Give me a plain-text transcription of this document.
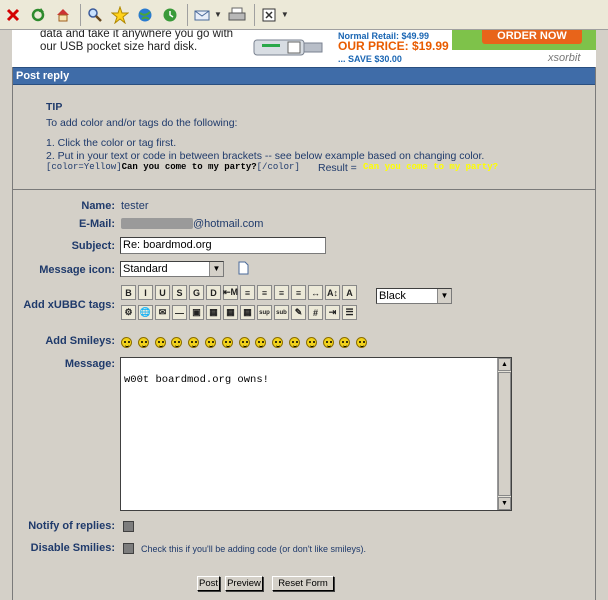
▼	▼
data and take it anywhere you go with our USB pocket size hard disk.
Normal Retail: $49.99
OUR PRICE: $19.99
... SAVE $30.00
ORDER NOW
xsorbit
Post reply
TIP
To add color and/or tags do the following:
1. Click the color or tag first.
2. Put in your text or code in between brackets -- see below example based on changing color.
[color=Yellow]Can you come to my party?[/color] Result = Can you come to my party?
Name: tester
E-Mail:	@hotmail.com
Subject: Re: boardmod.org
Message icon: Standard	▼
Add xUBBC tags:
B	I	U	S	G	D ⇤M ≡	≡	≡	≡	↔ A↕ A
⚙ 🌐 ✉ — ▣ ▦ ▦ ▦	sup	sub ✎	#	⇥	☰
Black	▼
Add Smileys:
Message:
w00t boardmod.org owns!
▲
▼
Notify of replies:
Disable Smilies:	Check this if you'll be adding code (or don't like smileys).
Post Preview	Reset Form
